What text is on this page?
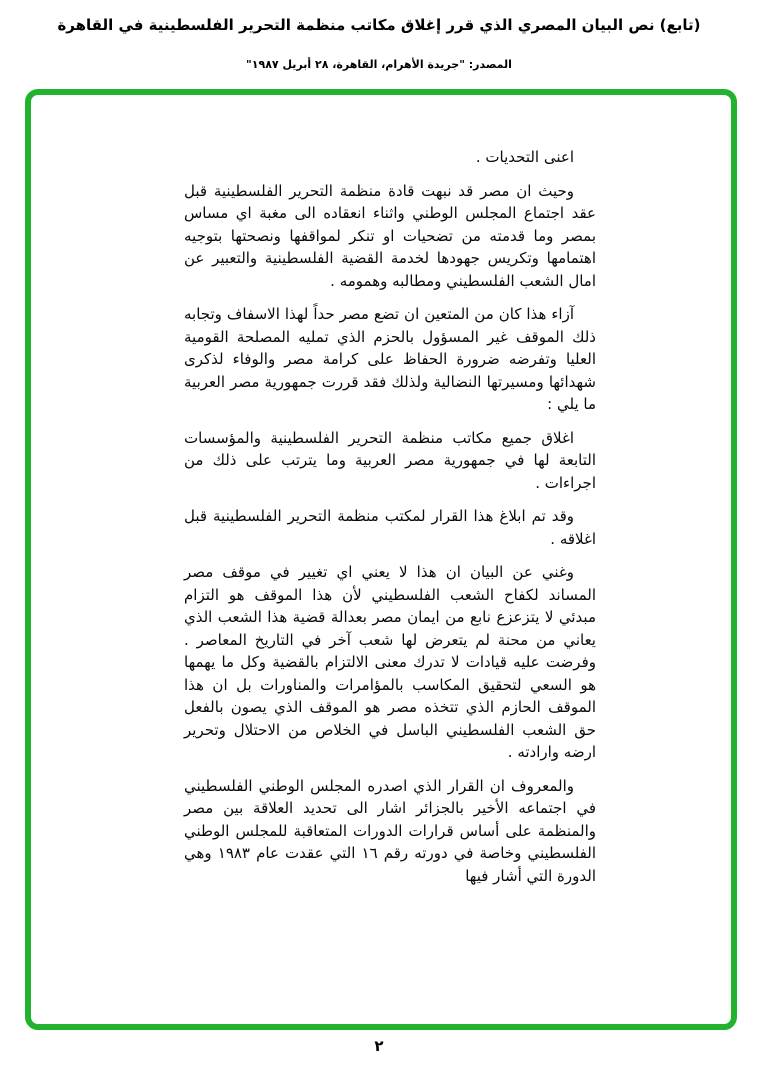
(تابع) نص البيان المصري الذي قرر إغلاق مكاتب منظمة التحرير الفلسطينية في القاهرة
المصدر: "جريدة الأهرام، القاهرة، ٢٨ أبريل ١٩٨٧"

اعنى التحديات .

وحيث ان مصر قد نبهت قادة منظمة التحرير الفلسطينية قبل عقد اجتماع المجلس الوطني واثناء انعقاده الى مغبة اي مساس بمصر وما قدمته من تضحيات او تنكر لمواقفها ونصحتها بتوجيه اهتمامها وتكريس جهودها لخدمة القضية الفلسطينية والتعبير عن امال الشعب الفلسطيني ومطالبه وهمومه .

آزاء هذا كان من المتعين ان تضع مصر حداً لهذا الاسفاف وتجابه ذلك الموقف غير المسؤول بالحزم الذي تمليه المصلحة القومية العليا وتفرضه ضرورة الحفاظ على كرامة مصر والوفاء لذكرى شهدائها ومسيرتها النضالية ولذلك فقد قررت جمهورية مصر العربية ما يلي :

اغلاق جميع مكاتب منظمة التحرير الفلسطينية والمؤسسات التابعة لها في جمهورية مصر العربية وما يترتب على ذلك من اجراءات .

وقد تم ابلاغ هذا القرار لمكتب منظمة التحرير الفلسطينية قبل اغلاقه .

وغني عن البيان ان هذا لا يعني اي تغيير في موقف مصر المساند لكفاح الشعب الفلسطيني لأن هذا الموقف هو التزام مبدئي لا يتزعزع نابع من ايمان مصر بعدالة قضية هذا الشعب الذي يعاني من محنة لم يتعرض لها شعب آخر في التاريخ المعاصر . وفرضت عليه قيادات لا تدرك معنى الالتزام بالقضية وكل ما يهمها هو السعي لتحقيق المكاسب بالمؤامرات والمناورات بل ان هذا الموقف الحازم الذي تتخذه مصر هو الموقف الذي يصون بالفعل حق الشعب الفلسطيني الباسل في الخلاص من الاحتلال وتحرير ارضه وارادته .

والمعروف ان القرار الذي اصدره المجلس الوطني الفلسطيني في اجتماعه الأخير بالجزائر اشار الى تحديد العلاقة بين مصر والمنظمة على أساس قرارات الدورات المتعاقبة للمجلس الوطني الفلسطيني وخاصة في دورته رقم ١٦ التي عقدت عام ١٩٨٣ وهي الدورة التي أشار فيها

٢
